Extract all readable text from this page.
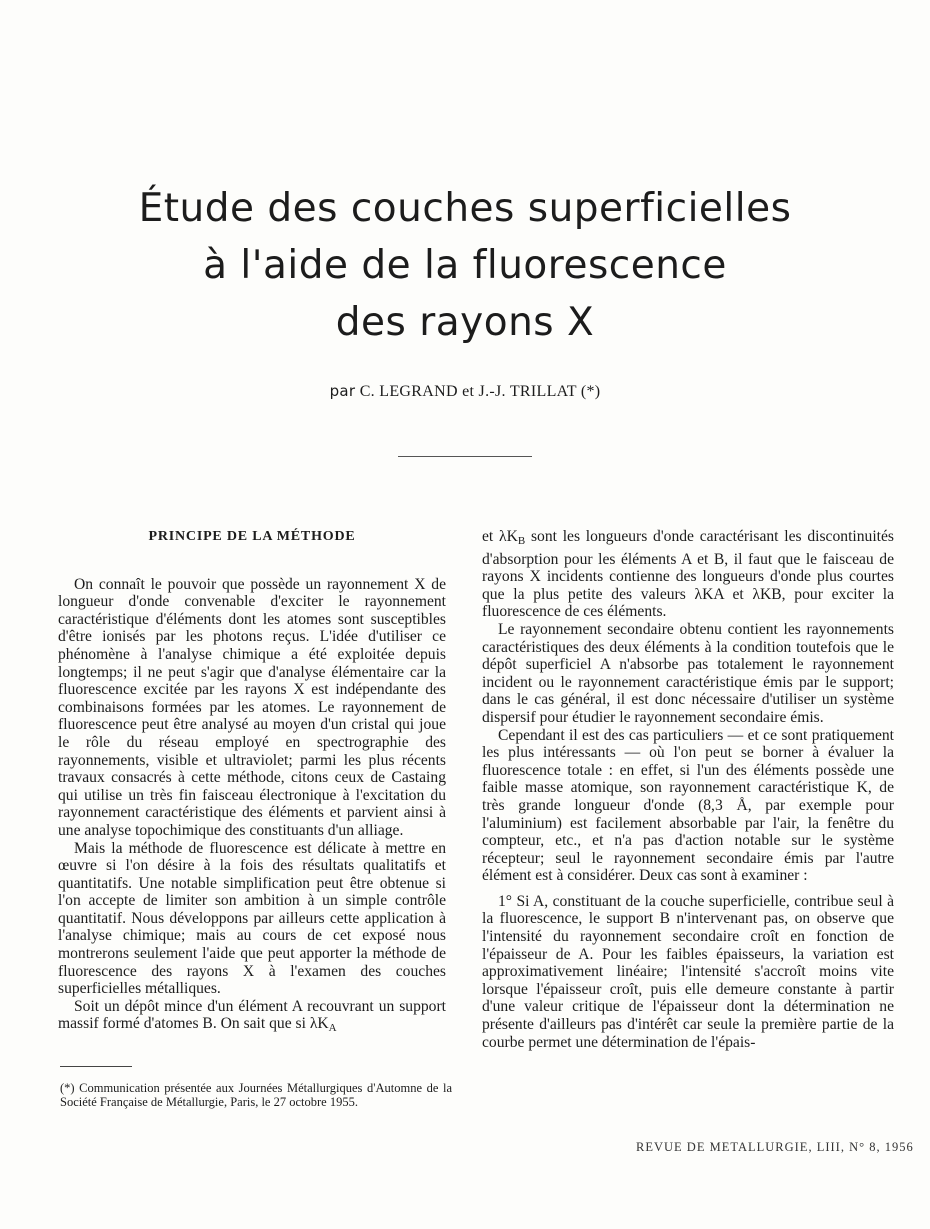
Étude des couches superficielles
à l'aide de la fluorescence
des rayons X
par C. LEGRAND et J.-J. TRILLAT (*)

PRINCIPE DE LA MÉTHODE

On connaît le pouvoir que possède un rayonnement X de longueur d'onde convenable d'exciter le rayonnement caractéristique d'éléments dont les atomes sont susceptibles d'être ionisés par les photons reçus. L'idée d'utiliser ce phénomène à l'analyse chimique a été exploitée depuis longtemps; il ne peut s'agir que d'analyse élémentaire car la fluorescence excitée par les rayons X est indépendante des combinaisons formées par les atomes. Le rayonnement de fluorescence peut être analysé au moyen d'un cristal qui joue le rôle du réseau employé en spectrographie des rayonnements, visible et ultraviolet; parmi les plus récents travaux consacrés à cette méthode, citons ceux de Castaing qui utilise un très fin faisceau électronique à l'excitation du rayonnement caractéristique des éléments et parvient ainsi à une analyse topochimique des constituants d'un alliage.

Mais la méthode de fluorescence est délicate à mettre en œuvre si l'on désire à la fois des résultats qualitatifs et quantitatifs. Une notable simplification peut être obtenue si l'on accepte de limiter son ambition à un simple contrôle quantitatif. Nous développons par ailleurs cette application à l'analyse chimique; mais au cours de cet exposé nous montrerons seulement l'aide que peut apporter la méthode de fluorescence des rayons X à l'examen des couches superficielles métalliques.

Soit un dépôt mince d'un élément A recouvrant un support massif formé d'atomes B. On sait que si $\lambda K_A$

et $\lambda K_B$ sont les longueurs d'onde caractérisant les discontinuités d'absorption pour les éléments A et B, il faut que le faisceau de rayons X incidents contienne des longueurs d'onde plus courtes que la plus petite des valeurs λKA et λKB, pour exciter la fluorescence de ces éléments.

Le rayonnement secondaire obtenu contient les rayonnements caractéristiques des deux éléments à la condition toutefois que le dépôt superficiel A n'absorbe pas totalement le rayonnement incident ou le rayonnement caractéristique émis par le support; dans le cas général, il est donc nécessaire d'utiliser un système dispersif pour étudier le rayonnement secondaire émis.

Cependant il est des cas particuliers — et ce sont pratiquement les plus intéressants — où l'on peut se borner à évaluer la fluorescence totale : en effet, si l'un des éléments possède une faible masse atomique, son rayonnement caractéristique K, de très grande longueur d'onde (8,3 Å, par exemple pour l'aluminium) est facilement absorbable par l'air, la fenêtre du compteur, etc., et n'a pas d'action notable sur le système récepteur; seul le rayonnement secondaire émis par l'autre élément est à considérer. Deux cas sont à examiner :

1° Si A, constituant de la couche superficielle, contribue seul à la fluorescence, le support B n'intervenant pas, on observe que l'intensité du rayonnement secondaire croît en fonction de l'épaisseur de A. Pour les faibles épaisseurs, la variation est approximativement linéaire; l'intensité s'accroît moins vite lorsque l'épaisseur croît, puis elle demeure constante à partir d'une valeur critique de l'épaisseur dont la détermination ne présente d'ailleurs pas d'intérêt car seule la première partie de la courbe permet une détermination de l'épais-

(*) Communication présentée aux Journées Métallurgiques d'Automne de la Société Française de Métallurgie, Paris, le 27 octobre 1955.
REVUE DE METALLURGIE, LIII, N° 8, 1956
